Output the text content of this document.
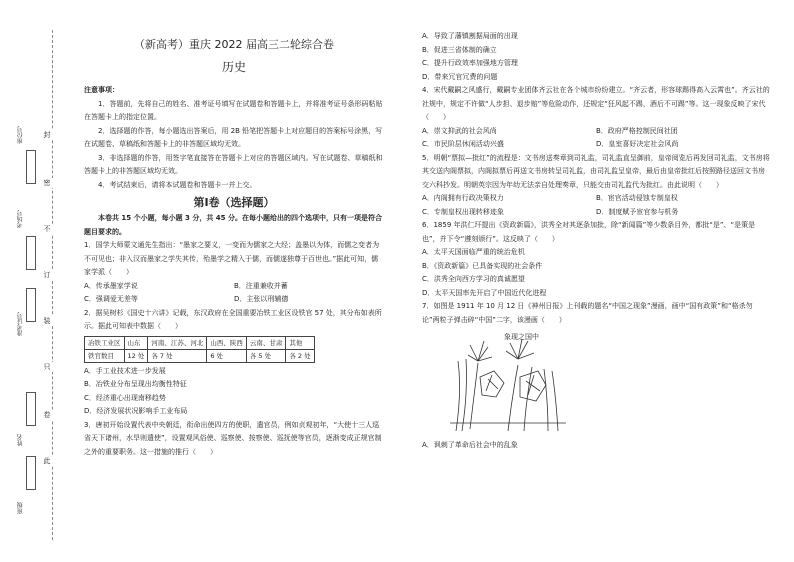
封
密
不
订
装
只
卷
此
座位号
考场号
准考证号
姓名
班级
（新高考）重庆 2022 届高三二轮综合卷
历史
注意事项：
1．答题前，先将自己的姓名、准考证号填写在试题卷和答题卡上，并将准考证号条形码粘贴在答题卡上的指定位置。
2．选择题的作答，每小题选出答案后，用 2B 铅笔把答题卡上对应题目的答案标号涂黑，写在试题卷、草稿纸和答题卡上的非答题区域均无效。
3．非选择题的作答，用签字笔直接答在答题卡上对应的答题区域内。写在试题卷、草稿纸和答题卡上的非答题区域均无效。
4．考试结束后，请将本试题卷和答题卡一并上交。
第Ⅰ卷（选择题）
本卷共 15 个小题，每小题 3 分，共 45 分。在每小题给出的四个选项中，只有一项是符合题目要求的。
1．国学大师蒙文通先生指出：“墨家之要义，一变而为儒家之大经；盖墨以为体，而儒之变者为不可见也；非入汉而墨家之学失其传，殆墨学之精入于儒，而儒遂独尊于百世也。”据此可知，儒家学派（　　）
A．传承墨家学说	B．注重兼收并蓄
C．强调爱无差等	D．主张以刑辅德
2．据吴树杉《国史十六讲》记载，东汉政府在全国重要冶铁工业区设铁官 57 处，其分布如表所示。据此可知表中数据（　　）
冶铁工业区	山东	河南、江苏、河北	山西、陕西	云南、甘肃	其他
铁官数目	12 处	各 7 处	6 处	各 5 处	各 2 处
A．手工业技术进一步发展
B．冶铁业分布呈现出均衡性特征
C．经济重心出现南移趋势
D．经济发展状况影响手工业布局
3．唐初开始设置代表中央朝廷，衔命出使四方的使职，遣官员，例如贞观初年，“大使十三人巡省天下诸州，水旱则遣使”，设置观风俗使、巡察使、按察使、巡抚使等官员，逐渐变成正规官制之外的重要职务。这一措施的推行（　　）
A．导致了藩镇割据局面的出现
B．促进三省体制的确立
C．提升行政效率加强地方管理
D．带来冗官冗费的问题
4．宋代戴嗣之风盛行，戴嗣专业团体齐云社在各个城市纷纷建立。“齐云者，形容球踢得高入云霄也”。齐云社的社规中，规定不许做“人步担、退步赔”等危险动作，还规定“狂风起不踢，酒后不可踢”等。这一现象反映了宋代（　　）
A．崇文抑武的社会风尚	B．政府严格控制民间社团
C．市民阶层休闲活动兴盛	D．皇室喜好决定社会风尚
5．明朝“票拟—批红”的流程是：文书房送奏章到司礼监，司礼监直呈御前，皇帝阅览后再发回司礼监，文书房将其交送内阁票拟，内阁拟票后再送文书房转呈司礼监，由司礼监呈皇帝，最后由皇帝批红后按照路径送回文书房交六科抄发。明朝英宗因为年幼无法亲自处理奏章，只能交由司礼监代为批红。由此说明（　　）
A．内阁拥有行政决策权力	B．宦官活动侵蚀专制皇权
C．专制皇权出现转移迹象	D．制度赋予宦官参与机务
6．1859 年洪仁玕提出《资政新篇》，洪秀全对其逐条加批，除“新闻篇”等少数条目外，都批“是”、“是策是也”，并下令“遵刻颁行”。这反映了（　　）
A．太平天国面临严重的统治危机
B．《资政新篇》已具备实现的社会条件
C．洪秀全向西方学习的真诚愿望
D．太平天国率先开启了中国近代化进程
7．如图是 1911 年 10 月 12 日《神州日报》上刊载的题名“中国之现象”漫画，画中“国有政策”和“格杀勿论”两粒子弹击碎“中国”二字，该漫画（　　）
象现之国中
A．讽刺了革命后社会中的乱象
